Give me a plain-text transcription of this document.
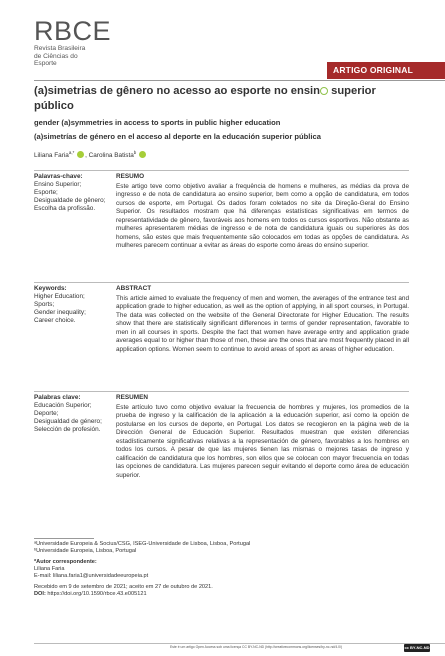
RBCE
Revista Brasileira
de Ciências do
Esporte
ARTIGO ORIGINAL
(a)simetrias de gênero no acesso ao esporte no ensin superior
público
gender (a)symmetries in access to sports in public higher education
(a)simetrías de género en el acceso al deporte en la educación superior pública
Liliana Faria$^{a,*}$ , Carolina Batista$^b$
Palavras-chave:
Ensino Superior;
Esporte;
Desigualdade de gênero;
Escolha da profissão.
RESUMO
Este artigo teve como objetivo avaliar a frequência de homens e mulheres, as médias da prova de ingresso e de nota de candidatura ao ensino superior, bem como a opção de candidatura, em todos cursos de esporte, em Portugal. Os dados foram coletados no site da Direção-Geral do Ensino Superior. Os resultados mostram que há diferenças estatísticas significativas em termos de representatividade de gênero, favoráveis aos homens em todos os cursos esportivos. Não obstante as mulheres apresentarem médias de ingresso e de nota de candidatura iguais ou superiores às dos homens, são estes que mais frequentemente são colocados em todas as opções de candidatura. As mulheres parecem continuar a evitar as áreas do esporte como áreas do ensino superior.
Keywords:
Higher Education;
Sports;
Gender inequality;
Career choice.
ABSTRACT
This article aimed to evaluate the frequency of men and women, the averages of the entrance test and application grade to higher education, as well as the option of applying, in all sport courses, in Portugal. The data was collected on the website of the General Directorate for Higher Education. The results show that there are statistically significant differences in terms of gender representation, favorable to men in all courses in sports. Despite the fact that women have average entry and application grade averages equal to or higher than those of men, these are the ones that are most frequently placed in all application options. Women seem to continue to avoid areas of sport as areas of higher education.
Palabras clave:
Educación Superior;
Deporte;
Desigualdad de género;
Selección de profesión.
RESUMEN
Este artículo tuvo como objetivo evaluar la frecuencia de hombres y mujeres, los promedios de la prueba de ingreso y la calificación de la aplicación a la educación superior, así como la opción de postularse en los cursos de deporte, en Portugal. Los datos se recogieron en la página web de la Dirección General de Educación Superior. Resultados muestran que existen diferencias estadísticamente significativas relativas a la representación de género, favorables a los hombres en todos los cursos. A pesar de que las mujeres tienen las mismas o mejores tasas de ingreso y calificación de candidatura que los hombres, son ellos que se colocan con mayor frecuencia en todas las opciones de candidatura. Las mujeres parecen seguir evitando el deporte como área de educación superior.
ᵃUniversidade Europeia & Socius/CSG, ISEG-Universidade de Lisboa, Lisboa, Portugal
ᵇUniversidade Europeia, Lisboa, Portugal
*Autor correspondente:
Liliana Faria
E-mail: liliana.faria1@universidadeeuropeia.pt
Recebido em 9 de setembro de 2021; aceito em 27 de outubro de 2021.
DOI: https://doi.org/10.1590/rbce.43.e005121
Este é um artigo Open Access sob uma licença CC BY-NC-ND (http://creativecommons.org/licenses/by-nc-nd/4.0/)	cc BY-NC-ND
